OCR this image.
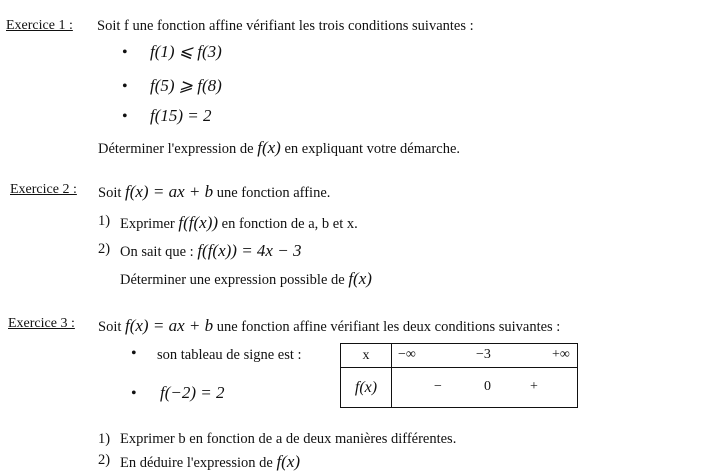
Exercice 1 : Soit f une fonction affine vérifiant les trois conditions suivantes :
• f(1) ⩽ f(3)
• f(5) ⩾ f(8)
• f(15) = 2
Déterminer l'expression de f(x) en expliquant votre démarche.
Exercice 2 : Soit f(x) = ax + b une fonction affine.
1) Exprimer f(f(x)) en fonction de a, b et x.
2) On sait que : f(f(x)) = 4x − 3
Déterminer une expression possible de f(x)
Exercice 3 : Soit f(x) = ax + b une fonction affine vérifiant les deux conditions suivantes :
• son tableau de signe est :
• f(−2) = 2
x	−∞ −3 +∞

f(x)	− 0 +
1) Exprimer b en fonction de a de deux manières différentes.
2) En déduire l'expression de f(x)
